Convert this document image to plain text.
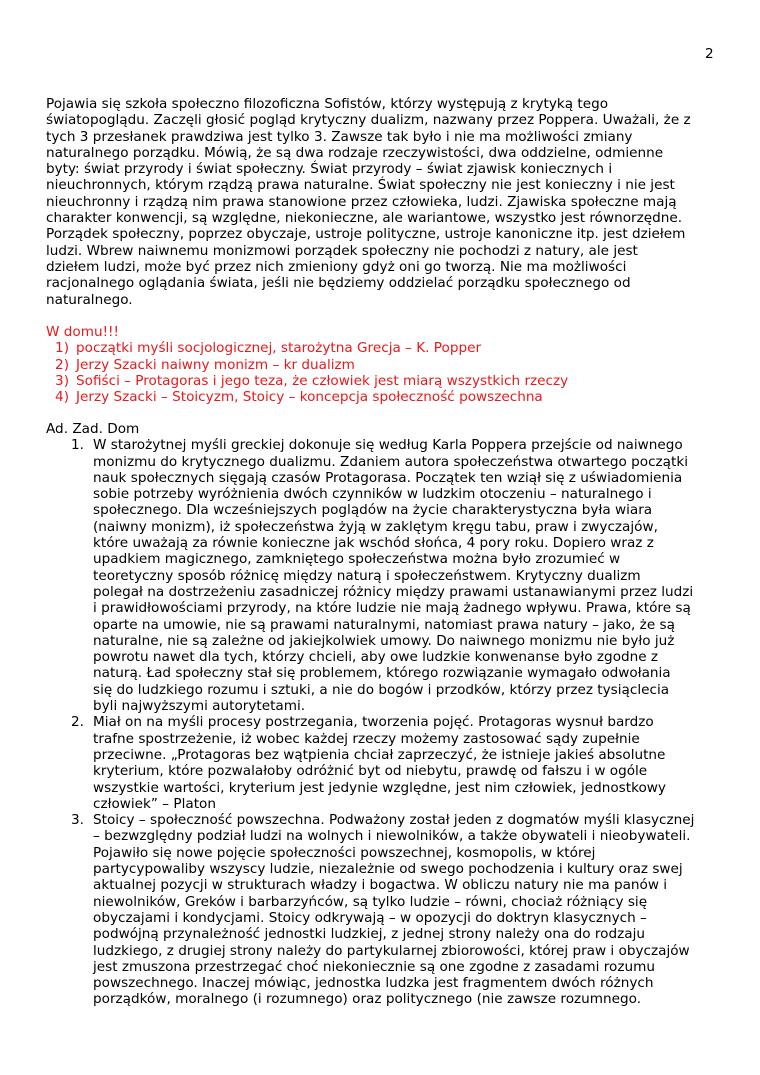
2

Pojawia się szkoła społeczno filozoficzna Sofistów, którzy występują z krytyką tego
światopoglądu. Zaczęli głosić pogląd krytyczny dualizm, nazwany przez Poppera. Uważali, że z
tych 3 przesłanek prawdziwa jest tylko 3. Zawsze tak było i nie ma możliwości zmiany
naturalnego porządku. Mówią, że są dwa rodzaje rzeczywistości, dwa oddzielne, odmienne
byty: świat przyrody i świat społeczny. Świat przyrody – świat zjawisk koniecznych i
nieuchronnych, którym rządzą prawa naturalne. Świat społeczny nie jest konieczny i nie jest
nieuchronny i rządzą nim prawa stanowione przez człowieka, ludzi. Zjawiska społeczne mają
charakter konwencji, są względne, niekonieczne, ale wariantowe, wszystko jest równorzędne.
Porządek społeczny, poprzez obyczaje, ustroje polityczne, ustroje kanoniczne itp. jest dziełem
ludzi. Wbrew naiwnemu monizmowi porządek społeczny nie pochodzi z natury, ale jest
dziełem ludzi, może być przez nich zmieniony gdyż oni go tworzą. Nie ma możliwości
racjonalnego oglądania świata, jeśli nie będziemy oddzielać porządku społecznego od
naturalnego.

W domu!!!

1) początki myśli socjologicznej, starożytna Grecja – K. Popper
2) Jerzy Szacki naiwny monizm – kr dualizm
3) Sofiści – Protagoras i jego teza, że człowiek jest miarą wszystkich rzeczy
4) Jerzy Szacki – Stoicyzm, Stoicy – koncepcja społeczność powszechna

Ad. Zad. Dom

1. W starożytnej myśli greckiej dokonuje się według Karla Poppera przejście od naiwnego
monizmu do krytycznego dualizmu. Zdaniem autora społeczeństwa otwartego początki
nauk społecznych sięgają czasów Protagorasa. Początek ten wziął się z uświadomienia
sobie potrzeby wyróżnienia dwóch czynników w ludzkim otoczeniu – naturalnego i
społecznego. Dla wcześniejszych poglądów na życie charakterystyczna była wiara
(naiwny monizm), iż społeczeństwa żyją w zaklętym kręgu tabu, praw i zwyczajów,
które uważają za równie konieczne jak wschód słońca, 4 pory roku. Dopiero wraz z
upadkiem magicznego, zamkniętego społeczeństwa można było zrozumieć w
teoretyczny sposób różnicę między naturą i społeczeństwem. Krytyczny dualizm
polegał na dostrzeżeniu zasadniczej różnicy między prawami ustanawianymi przez ludzi
i prawidłowościami przyrody, na które ludzie nie mają żadnego wpływu. Prawa, które są
oparte na umowie, nie są prawami naturalnymi, natomiast prawa natury – jako, że są
naturalne, nie są zależne od jakiejkolwiek umowy. Do naiwnego monizmu nie było już
powrotu nawet dla tych, którzy chcieli, aby owe ludzkie konwenanse było zgodne z
naturą. Ład społeczny stał się problemem, którego rozwiązanie wymagało odwołania
się do ludzkiego rozumu i sztuki, a nie do bogów i przodków, którzy przez tysiąclecia
byli najwyższymi autorytetami.
2. Miał on na myśli procesy postrzegania, tworzenia pojęć. Protagoras wysnuł bardzo
trafne spostrzeżenie, iż wobec każdej rzeczy możemy zastosować sądy zupełnie
przeciwne. „Protagoras bez wątpienia chciał zaprzeczyć, że istnieje jakieś absolutne
kryterium, które pozwalałoby odróżnić byt od niebytu, prawdę od fałszu i w ogóle
wszystkie wartości, kryterium jest jedynie względne, jest nim człowiek, jednostkowy
człowiek” – Platon
3. Stoicy – społeczność powszechna. Podważony został jeden z dogmatów myśli klasycznej
– bezwzględny podział ludzi na wolnych i niewolników, a także obywateli i nieobywateli.
Pojawiło się nowe pojęcie społeczności powszechnej, kosmopolis, w której
partycypowaliby wszyscy ludzie, niezależnie od swego pochodzenia i kultury oraz swej
aktualnej pozycji w strukturach władzy i bogactwa. W obliczu natury nie ma panów i
niewolników, Greków i barbarzyńców, są tylko ludzie – równi, chociaż różniący się
obyczajami i kondycjami. Stoicy odkrywają – w opozycji do doktryn klasycznych –
podwójną przynależność jednostki ludzkiej, z jednej strony należy ona do rodzaju
ludzkiego, z drugiej strony należy do partykularnej zbiorowości, której praw i obyczajów
jest zmuszona przestrzegać choć niekoniecznie są one zgodne z zasadami rozumu
powszechnego. Inaczej mówiąc, jednostka ludzka jest fragmentem dwóch różnych
porządków, moralnego (i rozumnego) oraz politycznego (nie zawsze rozumnego.
